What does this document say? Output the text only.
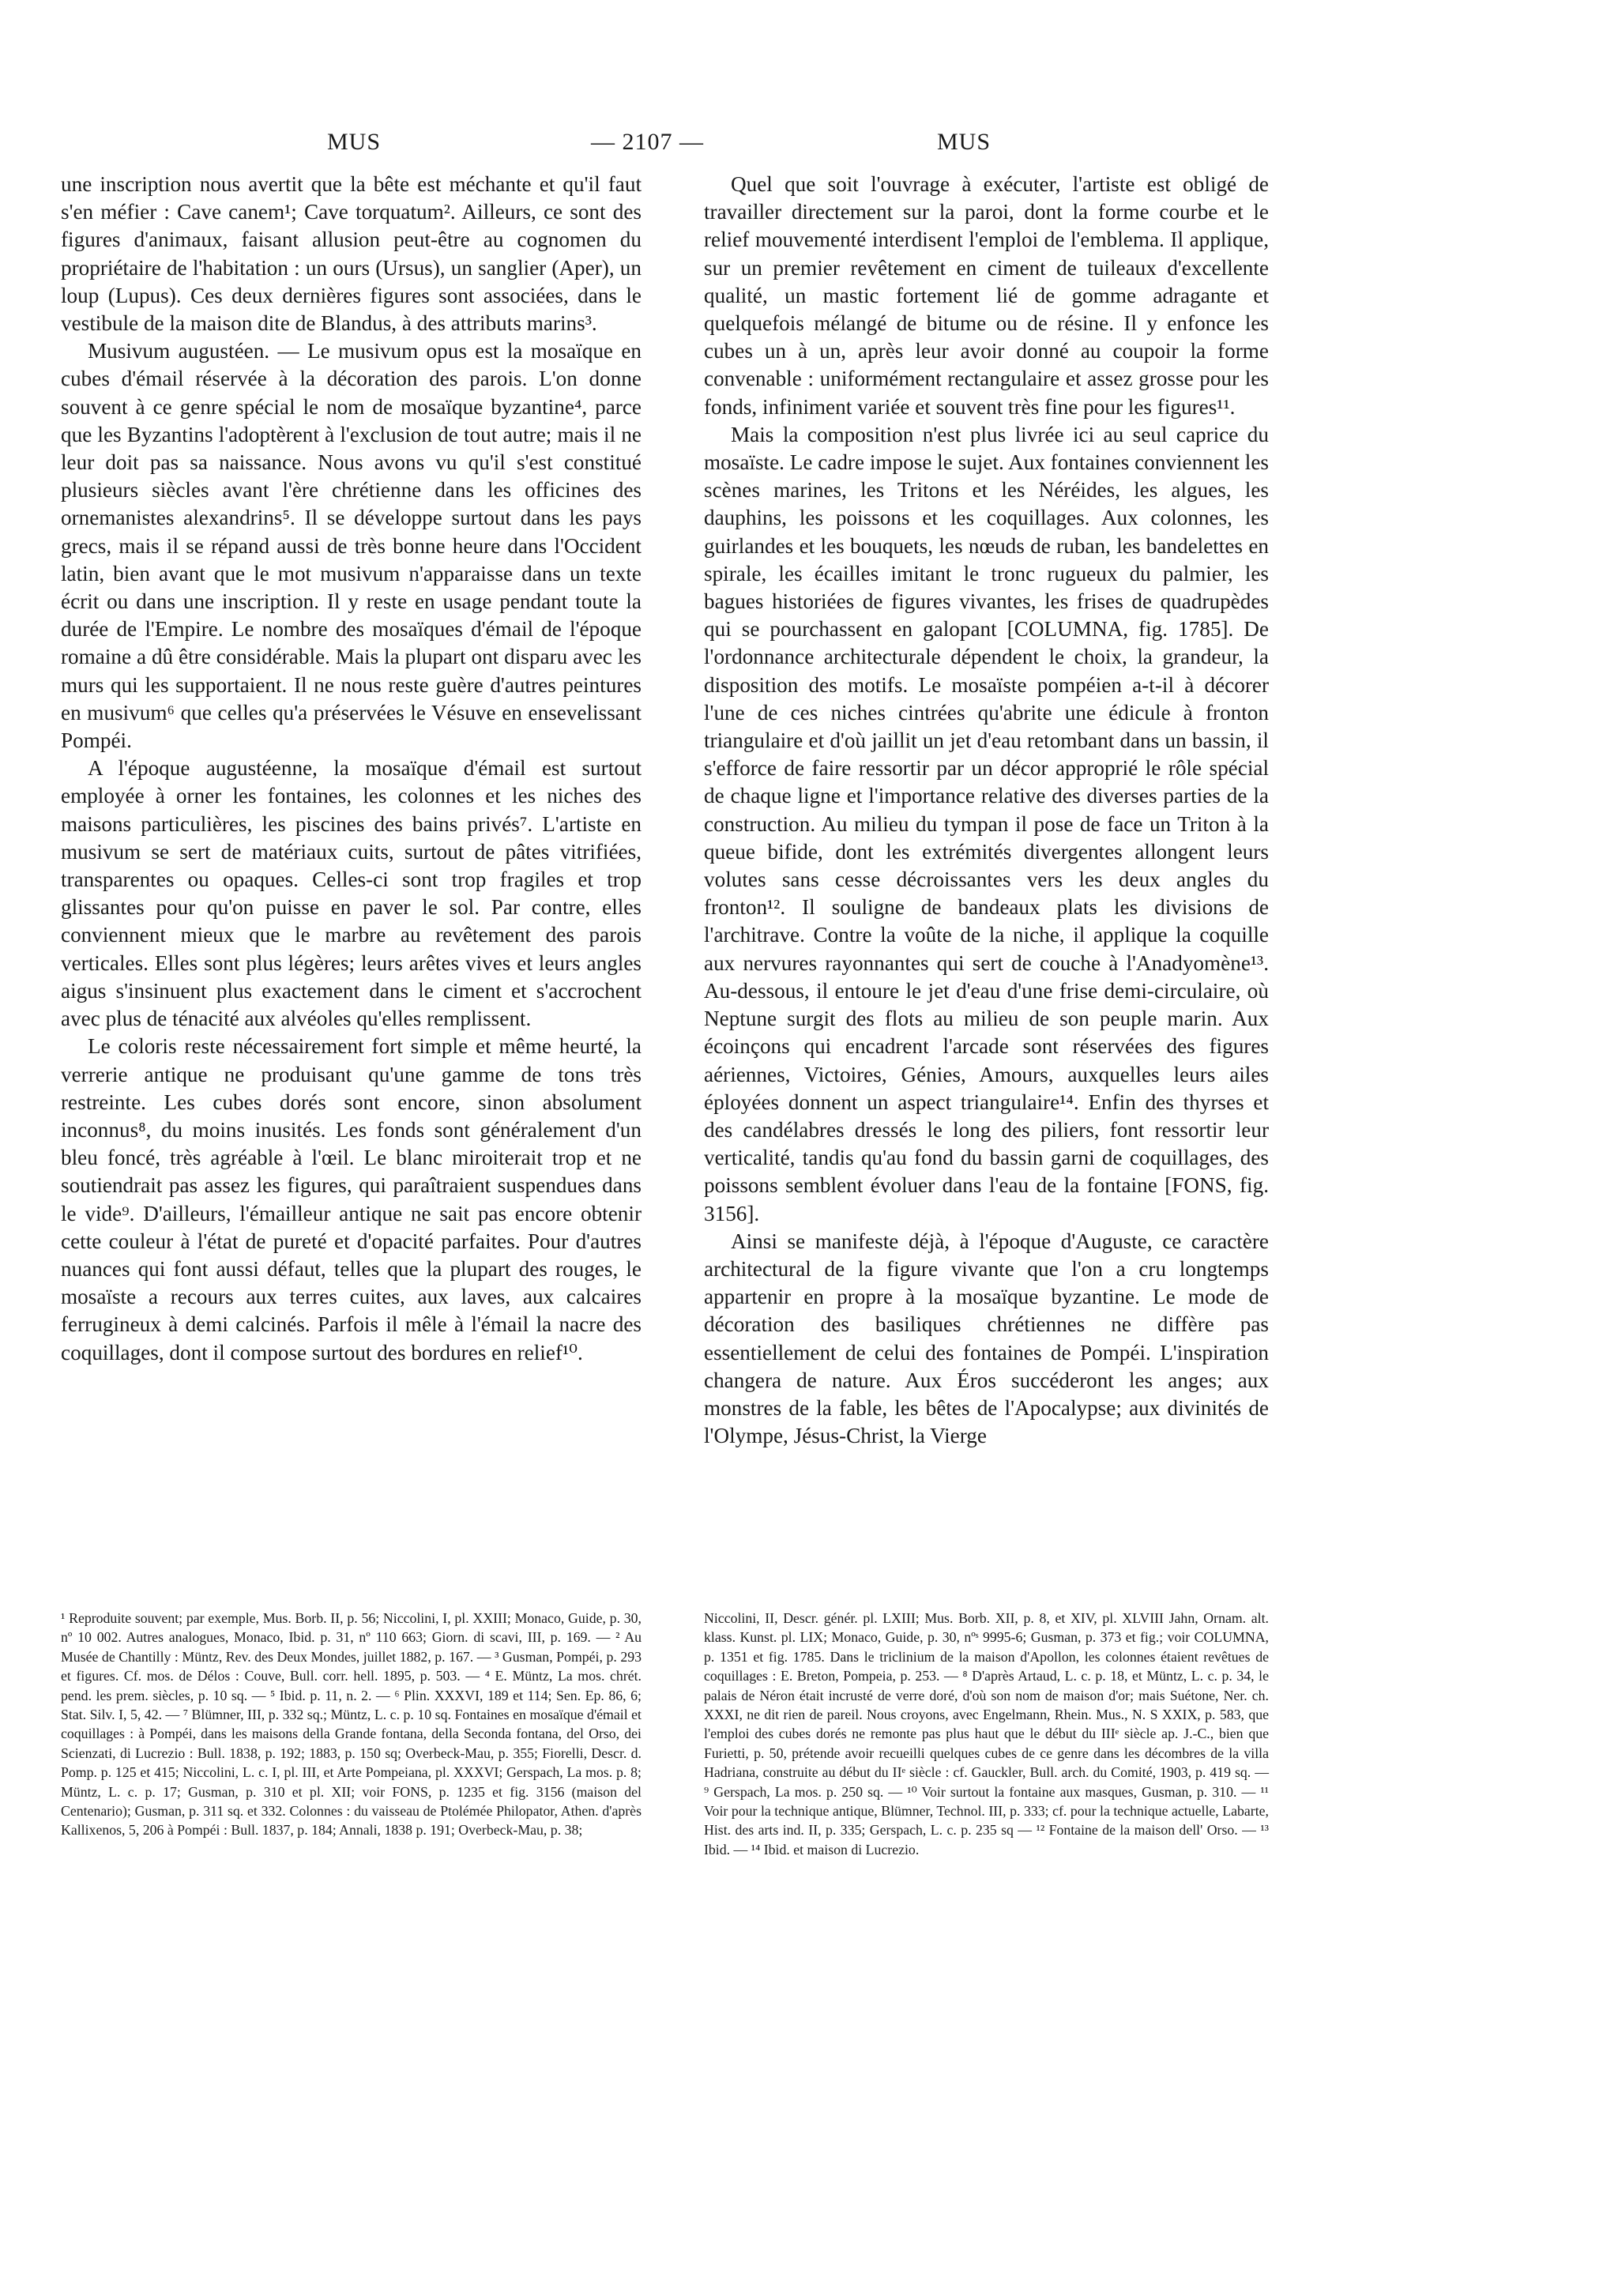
MUS	— 2107 —	MUS

une inscription nous avertit que la bête est méchante et qu'il faut s'en méfier : Cave canem¹; Cave torquatum². Ailleurs, ce sont des figures d'animaux, faisant allusion peut-être au cognomen du propriétaire de l'habitation : un ours (Ursus), un sanglier (Aper), un loup (Lupus). Ces deux dernières figures sont associées, dans le vestibule de la maison dite de Blandus, à des attributs marins³.

Musivum augustéen. — Le musivum opus est la mosaïque en cubes d'émail réservée à la décoration des parois. L'on donne souvent à ce genre spécial le nom de mosaïque byzantine⁴, parce que les Byzantins l'adoptèrent à l'exclusion de tout autre; mais il ne leur doit pas sa naissance. Nous avons vu qu'il s'est constitué plusieurs siècles avant l'ère chrétienne dans les officines des ornemanistes alexandrins⁵. Il se développe surtout dans les pays grecs, mais il se répand aussi de très bonne heure dans l'Occident latin, bien avant que le mot musivum n'apparaisse dans un texte écrit ou dans une inscription. Il y reste en usage pendant toute la durée de l'Empire. Le nombre des mosaïques d'émail de l'époque romaine a dû être considérable. Mais la plupart ont disparu avec les murs qui les supportaient. Il ne nous reste guère d'autres peintures en musivum⁶ que celles qu'a préservées le Vésuve en ensevelissant Pompéi.

A l'époque augustéenne, la mosaïque d'émail est surtout employée à orner les fontaines, les colonnes et les niches des maisons particulières, les piscines des bains privés⁷. L'artiste en musivum se sert de matériaux cuits, surtout de pâtes vitrifiées, transparentes ou opaques. Celles-ci sont trop fragiles et trop glissantes pour qu'on puisse en paver le sol. Par contre, elles conviennent mieux que le marbre au revêtement des parois verticales. Elles sont plus légères; leurs arêtes vives et leurs angles aigus s'insinuent plus exactement dans le ciment et s'accrochent avec plus de ténacité aux alvéoles qu'elles remplissent.

Le coloris reste nécessairement fort simple et même heurté, la verrerie antique ne produisant qu'une gamme de tons très restreinte. Les cubes dorés sont encore, sinon absolument inconnus⁸, du moins inusités. Les fonds sont généralement d'un bleu foncé, très agréable à l'œil. Le blanc miroiterait trop et ne soutiendrait pas assez les figures, qui paraîtraient suspendues dans le vide⁹. D'ailleurs, l'émailleur antique ne sait pas encore obtenir cette couleur à l'état de pureté et d'opacité parfaites. Pour d'autres nuances qui font aussi défaut, telles que la plupart des rouges, le mosaïste a recours aux terres cuites, aux laves, aux calcaires ferrugineux à demi calcinés. Parfois il mêle à l'émail la nacre des coquillages, dont il compose surtout des bordures en relief¹⁰.

Quel que soit l'ouvrage à exécuter, l'artiste est obligé de travailler directement sur la paroi, dont la forme courbe et le relief mouvementé interdisent l'emploi de l'emblema. Il applique, sur un premier revêtement en ciment de tuileaux d'excellente qualité, un mastic fortement lié de gomme adragante et quelquefois mélangé de bitume ou de résine. Il y enfonce les cubes un à un, après leur avoir donné au coupoir la forme convenable : uniformément rectangulaire et assez grosse pour les fonds, infiniment variée et souvent très fine pour les figures¹¹.

Mais la composition n'est plus livrée ici au seul caprice du mosaïste. Le cadre impose le sujet. Aux fontaines conviennent les scènes marines, les Tritons et les Néréides, les algues, les dauphins, les poissons et les coquillages. Aux colonnes, les guirlandes et les bouquets, les nœuds de ruban, les bandelettes en spirale, les écailles imitant le tronc rugueux du palmier, les bagues historiées de figures vivantes, les frises de quadrupèdes qui se pourchassent en galopant [COLUMNA, fig. 1785]. De l'ordonnance architecturale dépendent le choix, la grandeur, la disposition des motifs. Le mosaïste pompéien a-t-il à décorer l'une de ces niches cintrées qu'abrite une édicule à fronton triangulaire et d'où jaillit un jet d'eau retombant dans un bassin, il s'efforce de faire ressortir par un décor approprié le rôle spécial de chaque ligne et l'importance relative des diverses parties de la construction. Au milieu du tympan il pose de face un Triton à la queue bifide, dont les extrémités divergentes allongent leurs volutes sans cesse décroissantes vers les deux angles du fronton¹². Il souligne de bandeaux plats les divisions de l'architrave. Contre la voûte de la niche, il applique la coquille aux nervures rayonnantes qui sert de couche à l'Anadyomène¹³. Au-dessous, il entoure le jet d'eau d'une frise demi-circulaire, où Neptune surgit des flots au milieu de son peuple marin. Aux écoinçons qui encadrent l'arcade sont réservées des figures aériennes, Victoires, Génies, Amours, auxquelles leurs ailes éployées donnent un aspect triangulaire¹⁴. Enfin des thyrses et des candélabres dressés le long des piliers, font ressortir leur verticalité, tandis qu'au fond du bassin garni de coquillages, des poissons semblent évoluer dans l'eau de la fontaine [FONS, fig. 3156].

Ainsi se manifeste déjà, à l'époque d'Auguste, ce caractère architectural de la figure vivante que l'on a cru longtemps appartenir en propre à la mosaïque byzantine. Le mode de décoration des basiliques chrétiennes ne diffère pas essentiellement de celui des fontaines de Pompéi. L'inspiration changera de nature. Aux Éros succéderont les anges; aux monstres de la fable, les bêtes de l'Apocalypse; aux divinités de l'Olympe, Jésus-Christ, la Vierge

¹ Reproduite souvent; par exemple, Mus. Borb. II, p. 56; Niccolini, I, pl. XXIII; Monaco, Guide, p. 30, nº 10 002. Autres analogues, Monaco, Ibid. p. 31, nº 110 663; Giorn. di scavi, III, p. 169. — ² Au Musée de Chantilly : Müntz, Rev. des Deux Mondes, juillet 1882, p. 167. — ³ Gusman, Pompéi, p. 293 et figures. Cf. mos. de Délos : Couve, Bull. corr. hell. 1895, p. 503. — ⁴ E. Müntz, La mos. chrét. pend. les prem. siècles, p. 10 sq. — ⁵ Ibid. p. 11, n. 2. — ⁶ Plin. XXXVI, 189 et 114; Sen. Ep. 86, 6; Stat. Silv. I, 5, 42. — ⁷ Blümner, III, p. 332 sq.; Müntz, L. c. p. 10 sq. Fontaines en mosaïque d'émail et coquillages : à Pompéi, dans les maisons della Grande fontana, della Seconda fontana, del Orso, dei Scienzati, di Lucrezio : Bull. 1838, p. 192; 1883, p. 150 sq; Overbeck-Mau, p. 355; Fiorelli, Descr. d. Pomp. p. 125 et 415; Niccolini, L. c. I, pl. III, et Arte Pompeiana, pl. XXXVI; Gerspach, La mos. p. 8; Müntz, L. c. p. 17; Gusman, p. 310 et pl. XII; voir FONS, p. 1235 et fig. 3156 (maison del Centenario); Gusman, p. 311 sq. et 332. Colonnes : du vaisseau de Ptolémée Philopator, Athen. d'après Kallixenos, 5, 206 à Pompéi : Bull. 1837, p. 184; Annali, 1838 p. 191; Overbeck-Mau, p. 38;

Niccolini, II, Descr. génér. pl. LXIII; Mus. Borb. XII, p. 8, et XIV, pl. XLVIII Jahn, Ornam. alt. klass. Kunst. pl. LIX; Monaco, Guide, p. 30, nºˢ 9995-6; Gusman, p. 373 et fig.; voir COLUMNA, p. 1351 et fig. 1785. Dans le triclinium de la maison d'Apollon, les colonnes étaient revêtues de coquillages : E. Breton, Pompeia, p. 253. — ⁸ D'après Artaud, L. c. p. 18, et Müntz, L. c. p. 34, le palais de Néron était incrusté de verre doré, d'où son nom de maison d'or; mais Suétone, Ner. ch. XXXI, ne dit rien de pareil. Nous croyons, avec Engelmann, Rhein. Mus., N. S XXIX, p. 583, que l'emploi des cubes dorés ne remonte pas plus haut que le début du IIIᵉ siècle ap. J.-C., bien que Furietti, p. 50, prétende avoir recueilli quelques cubes de ce genre dans les décombres de la villa Hadriana, construite au début du IIᵉ siècle : cf. Gauckler, Bull. arch. du Comité, 1903, p. 419 sq. — ⁹ Gerspach, La mos. p. 250 sq. — ¹⁰ Voir surtout la fontaine aux masques, Gusman, p. 310. — ¹¹ Voir pour la technique antique, Blümner, Technol. III, p. 333; cf. pour la technique actuelle, Labarte, Hist. des arts ind. II, p. 335; Gerspach, L. c. p. 235 sq — ¹² Fontaine de la maison dell' Orso. — ¹³ Ibid. — ¹⁴ Ibid. et maison di Lucrezio.
